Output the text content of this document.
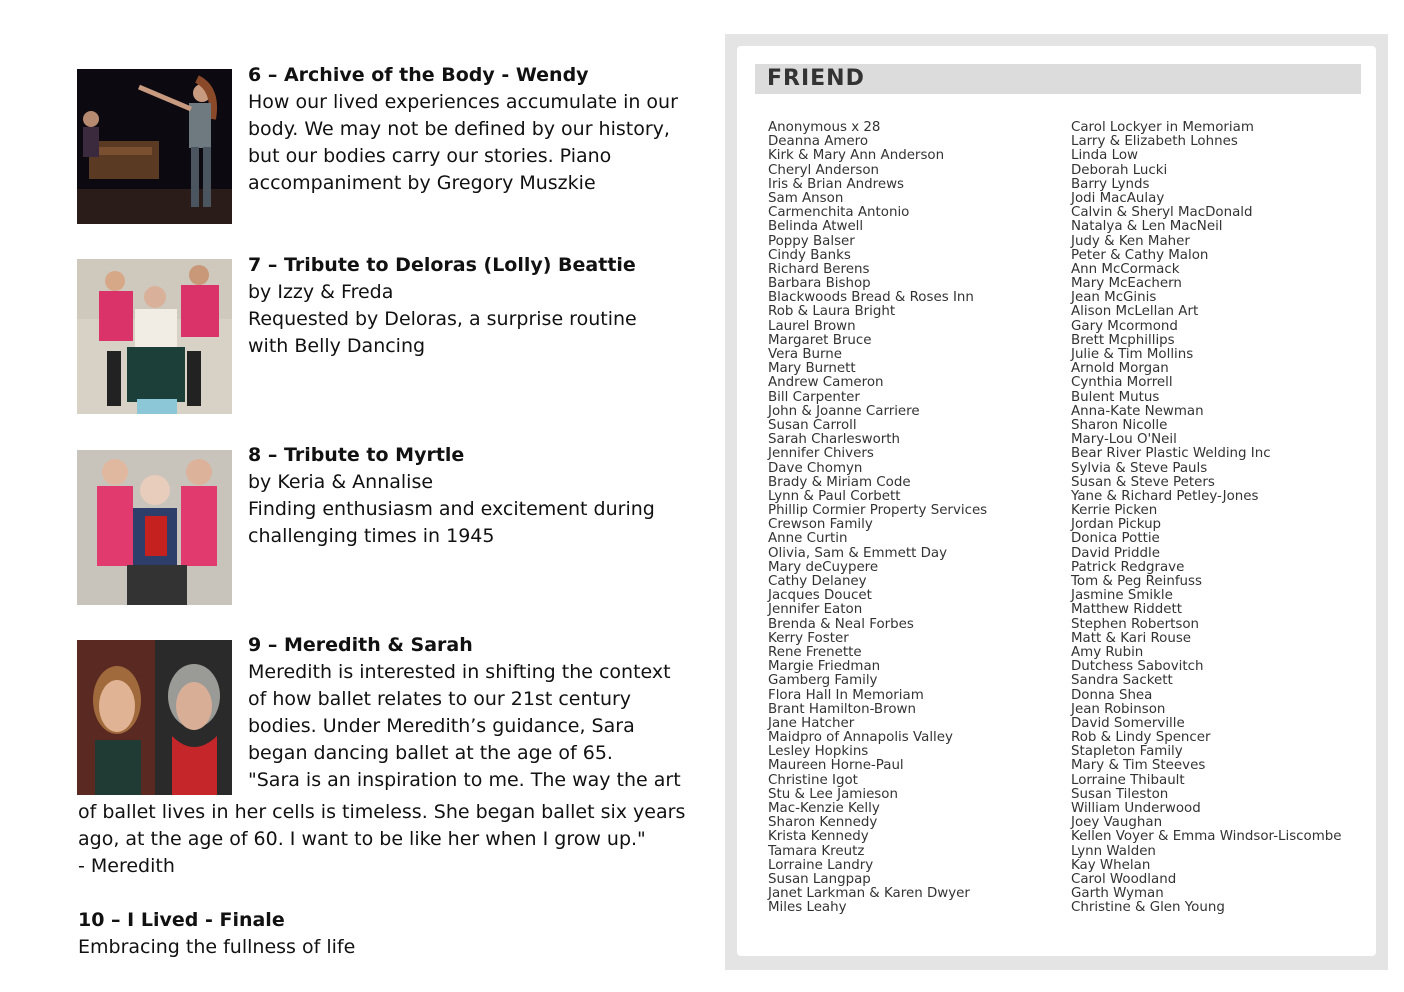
6 – Archive of the Body - Wendy
How our lived experiences accumulate in our
body. We may not be defined by our history,
but our bodies carry our stories. Piano
accompaniment by Gregory Muszkie
7 – Tribute to Deloras (Lolly) Beattie
by Izzy & Freda
Requested by Deloras, a surprise routine
with Belly Dancing
8 – Tribute to Myrtle
by Keria & Annalise
Finding enthusiasm and excitement during
challenging times in 1945
9 – Meredith & Sarah
Meredith is interested in shifting the context
of how ballet relates to our 21st century
bodies. Under Meredith’s guidance, Sara
began dancing ballet at the age of 65.
"Sara is an inspiration to me. The way the art
of ballet lives in her cells is timeless. She began ballet six years
ago, at the age of 60. I want to be like her when I grow up."
- Meredith
10 – I Lived - Finale
Embracing the fullness of life
FRIEND
Anonymous x 28
Deanna Amero
Kirk & Mary Ann Anderson
Cheryl Anderson
Iris & Brian Andrews
Sam Anson
Carmenchita Antonio
Belinda Atwell
Poppy Balser
Cindy Banks
Richard Berens
Barbara Bishop
Blackwoods Bread & Roses Inn
Rob & Laura Bright
Laurel Brown
Margaret Bruce
Vera Burne
Mary Burnett
Andrew Cameron
Bill Carpenter
John & Joanne Carriere
Susan Carroll
Sarah Charlesworth
Jennifer Chivers
Dave Chomyn
Brady & Miriam Code
Lynn & Paul Corbett
Phillip Cormier Property Services
Crewson Family
Anne Curtin
Olivia, Sam & Emmett Day
Mary deCuypere
Cathy Delaney
Jacques Doucet
Jennifer Eaton
Brenda & Neal Forbes
Kerry Foster
Rene Frenette
Margie Friedman
Gamberg Family
Flora Hall In Memoriam
Brant Hamilton-Brown
Jane Hatcher
Maidpro of Annapolis Valley
Lesley Hopkins
Maureen Horne-Paul
Christine Igot
Stu & Lee Jamieson
Mac-Kenzie Kelly
Sharon Kennedy
Krista Kennedy
Tamara Kreutz
Lorraine Landry
Susan Langpap
Janet Larkman & Karen Dwyer
Miles Leahy
Carol Lockyer in Memoriam
Larry & Elizabeth Lohnes
Linda Low
Deborah Lucki
Barry Lynds
Jodi MacAulay
Calvin & Sheryl MacDonald
Natalya & Len MacNeil
Judy & Ken Maher
Peter & Cathy Malon
Ann McCormack
Mary McEachern
Jean McGinis
Alison McLellan Art
Gary Mcormond
Brett Mcphillips
Julie & Tim Mollins
Arnold Morgan
Cynthia Morrell
Bulent Mutus
Anna-Kate Newman
Sharon Nicolle
Mary-Lou O'Neil
Bear River Plastic Welding Inc
Sylvia & Steve Pauls
Susan & Steve Peters
Yane & Richard Petley-Jones
Kerrie Picken
Jordan Pickup
Donica Pottie
David Priddle
Patrick Redgrave
Tom & Peg Reinfuss
Jasmine Smikle
Matthew Riddett
Stephen Robertson
Matt & Kari Rouse
Amy Rubin
Dutchess Sabovitch
Sandra Sackett
Donna Shea
Jean Robinson
David Somerville
Rob & Lindy Spencer
Stapleton Family
Mary & Tim Steeves
Lorraine Thibault
Susan Tileston
William Underwood
Joey Vaughan
Kellen Voyer & Emma Windsor-Liscombe
Lynn Walden
Kay Whelan
Carol Woodland
Garth Wyman
Christine & Glen Young
